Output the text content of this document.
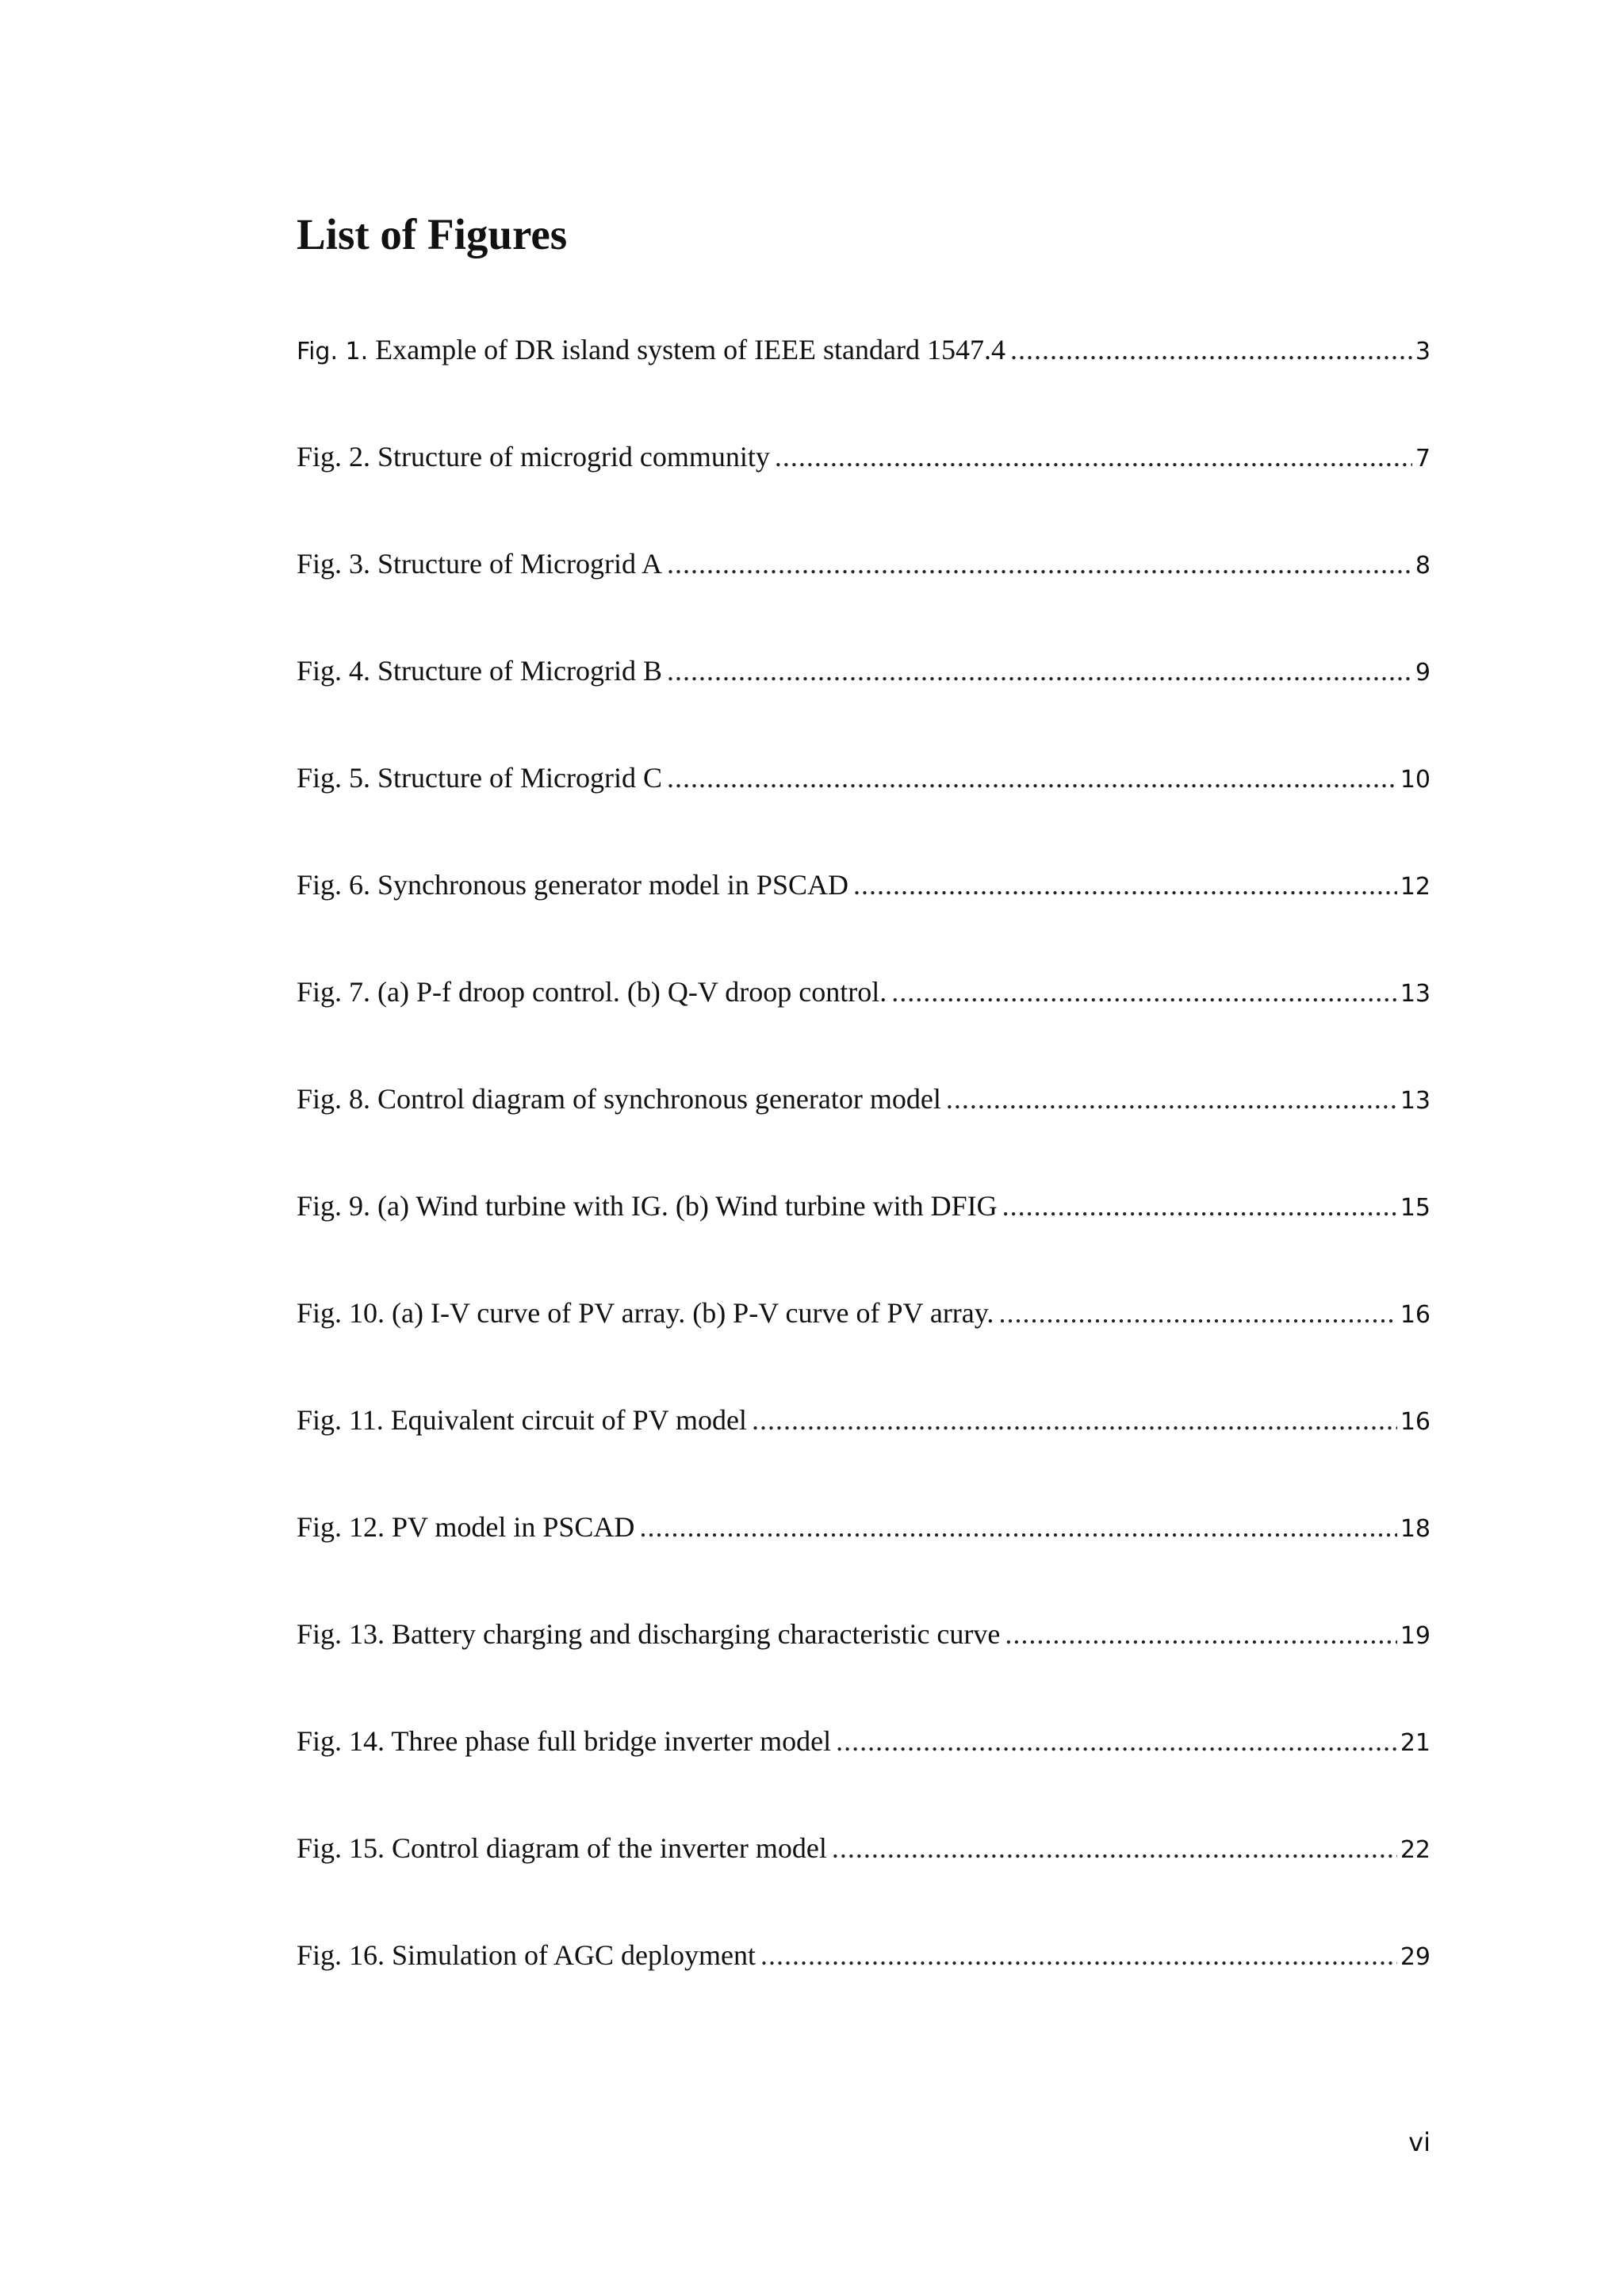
List of Figures
Fig. 1. Example of DR island system of IEEE standard 1547.4 .....	3
Fig. 2. Structure of microgrid community .....	7
Fig. 3. Structure of Microgrid A .....	8
Fig. 4. Structure of Microgrid B .....	9
Fig. 5. Structure of Microgrid C .....	10
Fig. 6. Synchronous generator model in PSCAD .....	12
Fig. 7. (a) P-f droop control. (b) Q-V droop control. .....	13
Fig. 8. Control diagram of synchronous generator model .....	13
Fig. 9. (a) Wind turbine with IG. (b) Wind turbine with DFIG .....	15
Fig. 10. (a) I-V curve of PV array. (b) P-V curve of PV array. .....	16
Fig. 11. Equivalent circuit of PV model .....	16
Fig. 12. PV model in PSCAD .....	18
Fig. 13. Battery charging and discharging characteristic curve .....	19
Fig. 14. Three phase full bridge inverter model .....	21
Fig. 15. Control diagram of the inverter model .....	22
Fig. 16. Simulation of AGC deployment .....	29
vi
